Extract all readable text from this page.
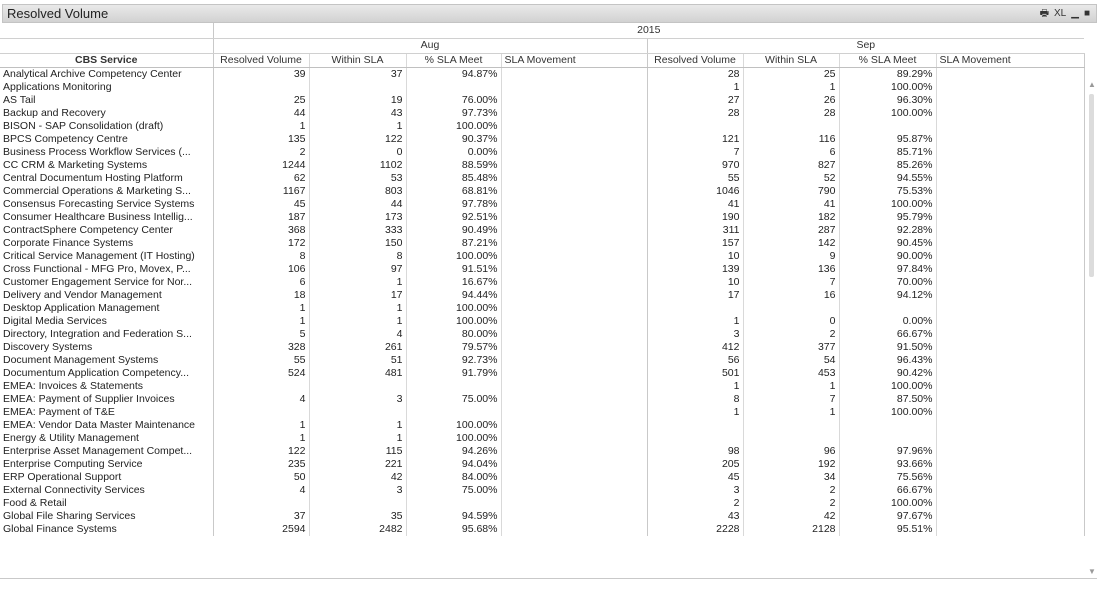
Resolved Volume	🖶 XL ▁ ■
	2015							
	Aug				Sep			
CBS Service	Resolved Volume	Within SLA	% SLA Meet	SLA Movement	Resolved Volume	Within SLA	% SLA Meet	SLA Movement
Analytical Archive Competency Center	39	37	94.87%		28	25	89.29%	
Applications Monitoring					1	1	100.00%	
AS Tail	25	19	76.00%		27	26	96.30%	
Backup and Recovery	44	43	97.73%		28	28	100.00%	
BISON - SAP Consolidation (draft)	1	1	100.00%					
BPCS Competency Centre	135	122	90.37%		121	116	95.87%	
Business Process Workflow Services (...	2	0	0.00%		7	6	85.71%	
CC CRM & Marketing Systems	1244	1102	88.59%		970	827	85.26%	
Central Documentum Hosting Platform	62	53	85.48%		55	52	94.55%	
Commercial Operations & Marketing S...	1167	803	68.81%		1046	790	75.53%	
Consensus Forecasting Service Systems	45	44	97.78%		41	41	100.00%	
Consumer Healthcare Business Intellig...	187	173	92.51%		190	182	95.79%	
ContractSphere Competency Center	368	333	90.49%		311	287	92.28%	
Corporate Finance Systems	172	150	87.21%		157	142	90.45%	
Critical Service Management (IT Hosting)	8	8	100.00%		10	9	90.00%	
Cross Functional - MFG Pro, Movex, P...	106	97	91.51%		139	136	97.84%	
Customer Engagement Service for Nor...	6	1	16.67%		10	7	70.00%	
Delivery and Vendor Management	18	17	94.44%		17	16	94.12%	
Desktop Application Management	1	1	100.00%					
Digital Media Services	1	1	100.00%		1	0	0.00%	
Directory, Integration and Federation S...	5	4	80.00%		3	2	66.67%	
Discovery Systems	328	261	79.57%		412	377	91.50%	
Document Management Systems	55	51	92.73%		56	54	96.43%	
Documentum Application Competency...	524	481	91.79%		501	453	90.42%	
EMEA: Invoices & Statements					1	1	100.00%	
EMEA: Payment of Supplier Invoices	4	3	75.00%		8	7	87.50%	
EMEA: Payment of T&E					1	1	100.00%	
EMEA: Vendor Data Master Maintenance	1	1	100.00%					
Energy & Utility Management	1	1	100.00%					
Enterprise Asset Management Compet...	122	115	94.26%		98	96	97.96%	
Enterprise Computing Service	235	221	94.04%		205	192	93.66%	
ERP Operational Support	50	42	84.00%		45	34	75.56%	
External Connectivity Services	4	3	75.00%		3	2	66.67%	
Food & Retail					2	2	100.00%	
Global File Sharing Services	37	35	94.59%		43	42	97.67%	
Global Finance Systems	2594	2482	95.68%		2228	2128	95.51%	
▲
▼
